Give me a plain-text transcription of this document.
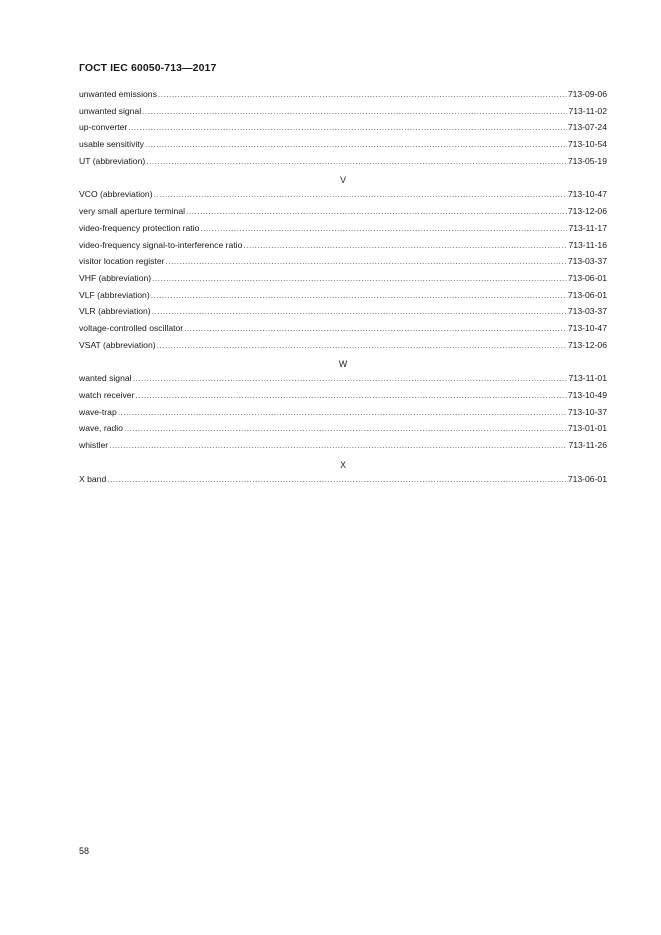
ГОСТ IEC 60050-713—2017
unwanted emissions .....	713-09-06
unwanted signal .....	713-11-02
up-converter .....	713-07-24
usable sensitivity .....	713-10-54
UT (abbreviation) .....	713-05-19
V
VCO (abbreviation) .....	713-10-47
very small aperture terminal .....	713-12-06
video-frequency protection ratio .....	713-11-17
video-frequency signal-to-interference ratio .....	713-11-16
visitor location register .....	713-03-37
VHF (abbreviation) .....	713-06-01
VLF (abbreviation) .....	713-06-01
VLR (abbreviation) .....	713-03-37
voltage-controlled oscillator .....	713-10-47
VSAT (abbreviation) .....	713-12-06
W
wanted signal .....	713-11-01
watch receiver .....	713-10-49
wave-trap .....	713-10-37
wave, radio .....	713-01-01
whistler .....	713-11-26
X
X band .....	713-06-01
58
